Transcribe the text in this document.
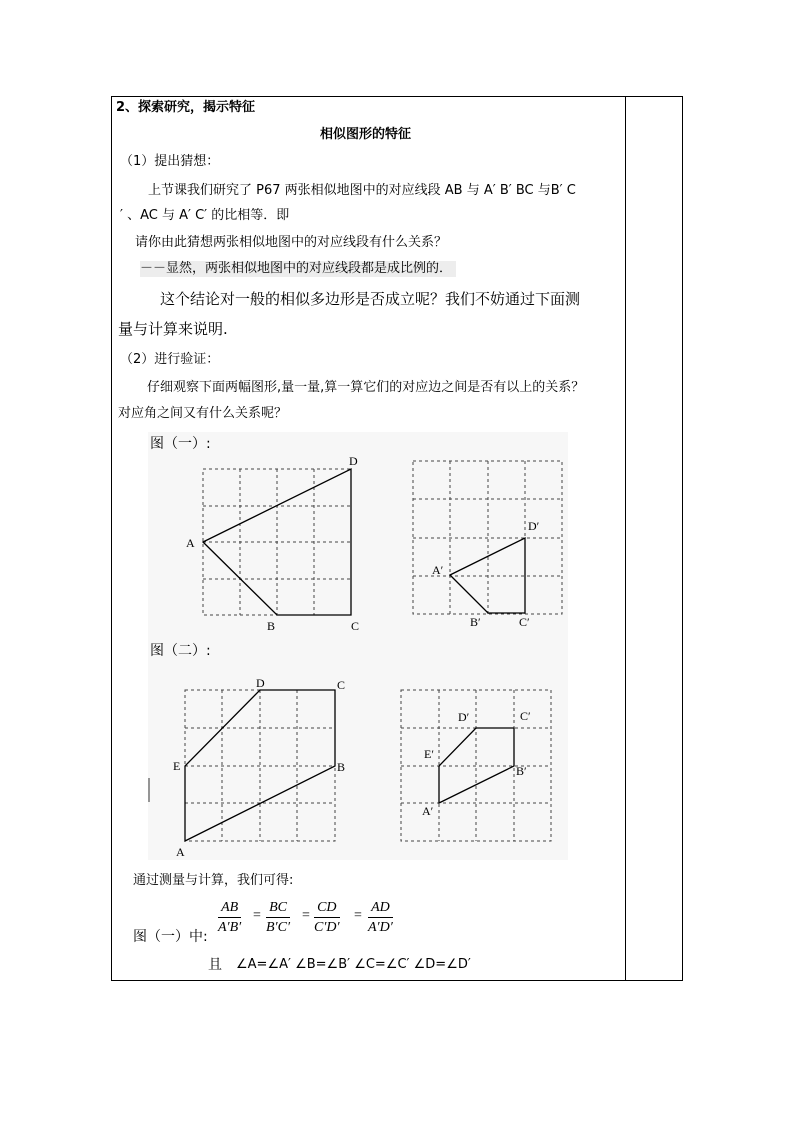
2、探索研究，揭示特征
相似图形的特征
（1）提出猜想：
上节课我们研究了 P67 两张相似地图中的对应线段 AB 与 A′ B′ BC 与B′ C
′ 、AC 与 A′ C′ 的比相等．即
请你由此猜想两张相似地图中的对应线段有什么关系？
－－显然，两张相似地图中的对应线段都是成比例的．
这个结论对一般的相似多边形是否成立呢？我们不妨通过下面测
量与计算来说明.
（2）进行验证：
仔细观察下面两幅图形,量一量,算一算它们的对应边之间是否有以上的关系？
对应角之间又有什么关系呢？
A
B	C
D
A′
B′	C′
D′
A
B
C
D
E
A′
B′
C′
D′
E′
图（一）:
图（二）:
通过测量与计算，我们可得:
图（一）中:
$\frac{AB}{A'B'} = \frac{BC}{B'C'} = \frac{CD}{C'D'} = \frac{AD}{A'D'}$
且 ∠A=∠A′ ∠B=∠B′ ∠C=∠C′ ∠D=∠D′
